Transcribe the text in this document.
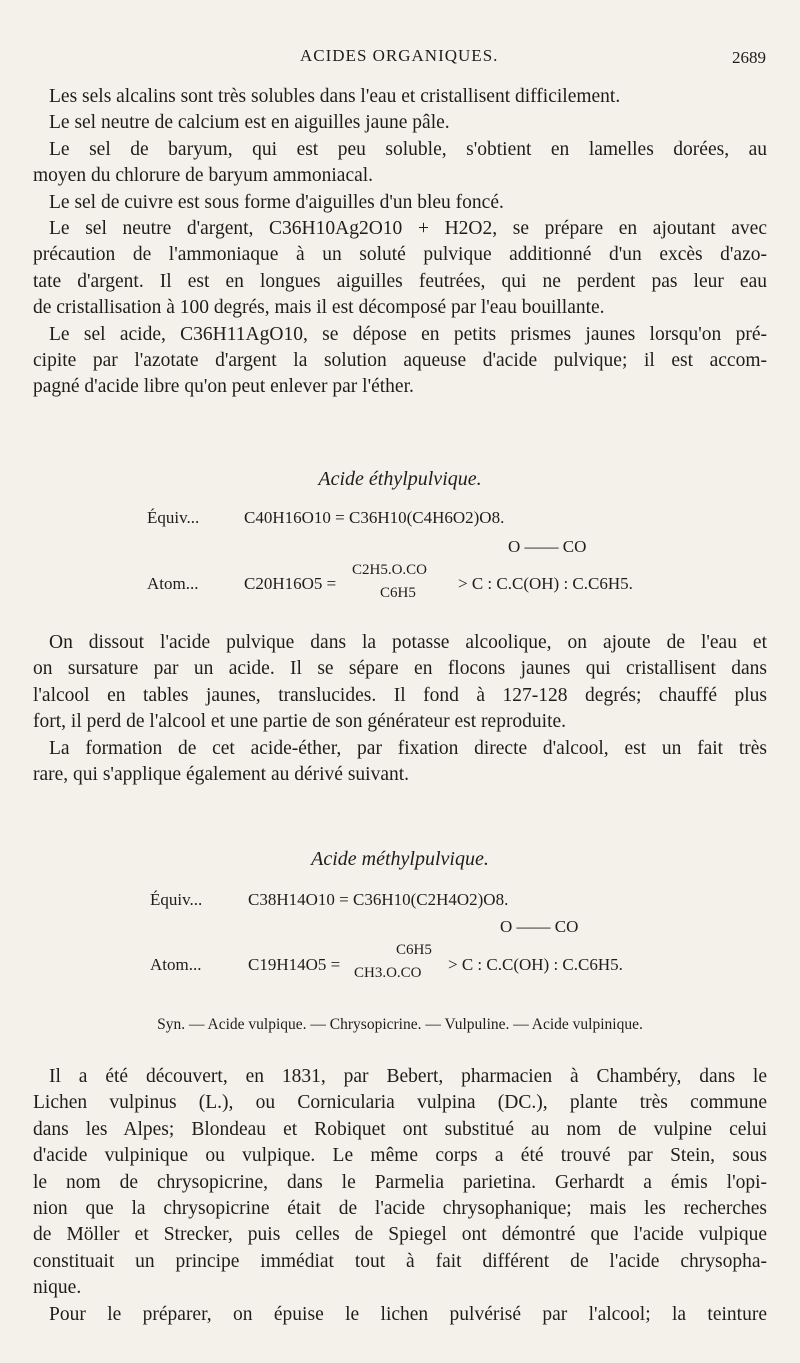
ACIDES ORGANIQUES.	2689
Les sels alcalins sont très solubles dans l'eau et cristallisent difficilement.
Le sel neutre de calcium est en aiguilles jaune pâle.
Le sel de baryum, qui est peu soluble, s'obtient en lamelles dorées, au
moyen du chlorure de baryum ammoniacal.
Le sel de cuivre est sous forme d'aiguilles d'un bleu foncé.
Le sel neutre d'argent, C36H10Ag2O10 + H2O2, se prépare en ajoutant avec
précaution de l'ammoniaque à un soluté pulvique additionné d'un excès d'azo-
tate d'argent. Il est en longues aiguilles feutrées, qui ne perdent pas leur eau
de cristallisation à 100 degrés, mais il est décomposé par l'eau bouillante.
Le sel acide, C36H11AgO10, se dépose en petits prismes jaunes lorsqu'on pré-
cipite par l'azotate d'argent la solution aqueuse d'acide pulvique; il est accom-
pagné d'acide libre qu'on peut enlever par l'éther.
Acide éthylpulvique.
Équiv...	C40H16O10 = C36H10(C4H6O2)O8.
O —— CO
Atom...	C20H16O5 =
C2H5.O.CO
C6H5 > C : C.C(OH) : C.C6H5.
On dissout l'acide pulvique dans la potasse alcoolique, on ajoute de l'eau et
on sursature par un acide. Il se sépare en flocons jaunes qui cristallisent dans
l'alcool en tables jaunes, translucides. Il fond à 127-128 degrés; chauffé plus
fort, il perd de l'alcool et une partie de son générateur est reproduite.
La formation de cet acide-éther, par fixation directe d'alcool, est un fait très
rare, qui s'applique également au dérivé suivant.
Acide méthylpulvique.
Équiv...	C38H14O10 = C36H10(C2H4O2)O8.
O —— CO
Atom...	C19H14O5 =
C6H5
CH3.O.CO > C : C.C(OH) : C.C6H5.
Syn. — Acide vulpique. — Chrysopicrine. — Vulpuline. — Acide vulpinique.
Il a été découvert, en 1831, par Bebert, pharmacien à Chambéry, dans le
Lichen vulpinus (L.), ou Cornicularia vulpina (DC.), plante très commune
dans les Alpes; Blondeau et Robiquet ont substitué au nom de vulpine celui
d'acide vulpinique ou vulpique. Le même corps a été trouvé par Stein, sous
le nom de chrysopicrine, dans le Parmelia parietina. Gerhardt a émis l'opi-
nion que la chrysopicrine était de l'acide chrysophanique; mais les recherches
de Möller et Strecker, puis celles de Spiegel ont démontré que l'acide vulpique
constituait un principe immédiat tout à fait différent de l'acide chrysopha-
nique.
Pour le préparer, on épuise le lichen pulvérisé par l'alcool; la teinture
